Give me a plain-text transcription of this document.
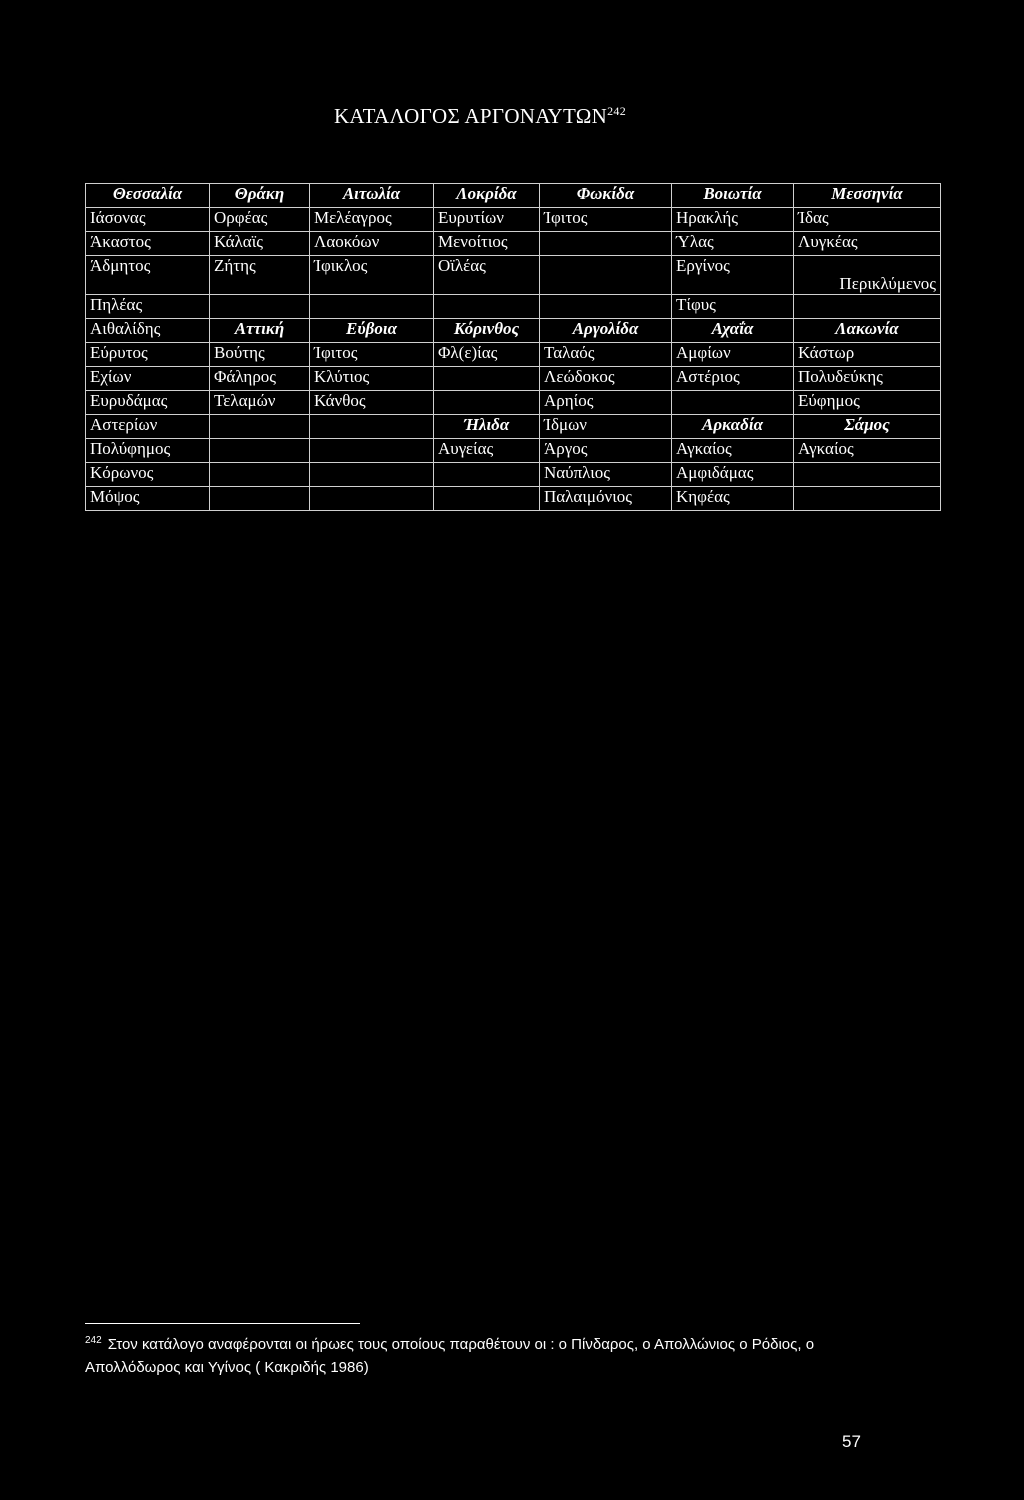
ΚΑΤΑΛΟΓΟΣ ΑΡΓΟΝΑΥΤΩΝ$^{242}$
Θεσσαλία	Θράκη	Αιτωλία	Λοκρίδα	Φωκίδα	Βοιωτία	Μεσσηνία
Ιάσονας	Ορφέας	Μελέαγρος	Ευρυτίων	Ίφιτος	Ηρακλής	Ίδας
Άκαστος	Κάλαϊς	Λαοκόων	Μενοίτιος		Ύλας	Λυγκέας
Άδμητος	Ζήτης	Ίφικλος	Οϊλέας		Εργίνος	Περικλύμενος
Πηλέας					Τίφυς	
Αιθαλίδης	Αττική	Εύβοια	Κόρινθος	Αργολίδα	Αχαΐα	Λακωνία
Εύρυτος	Βούτης	Ίφιτος	Φλ(ε)ίας	Ταλαός	Αμφίων	Κάστωρ
Εχίων	Φάληρος	Κλύτιος		Λεώδοκος	Αστέριος	Πολυδεύκης
Ευρυδάμας	Τελαμών	Κάνθος		Αρηίος		Εύφημος
Αστερίων			Ήλιδα	Ίδμων	Αρκαδία	Σάμος
Πολύφημος			Αυγείας	Άργος	Αγκαίος	Αγκαίος
Κόρωνος				Ναύπλιος	Αμφιδάμας	
Μόψος				Παλαιμόνιος	Κηφέας	
$^{242}$ Στον κατάλογο αναφέρονται οι ήρωες τους οποίους παραθέτουν οι : ο Πίνδαρος, ο Απολλώνιος ο Ρόδιος, ο Απολλόδωρος και Υγίνος ( Κακριδής 1986)
57
